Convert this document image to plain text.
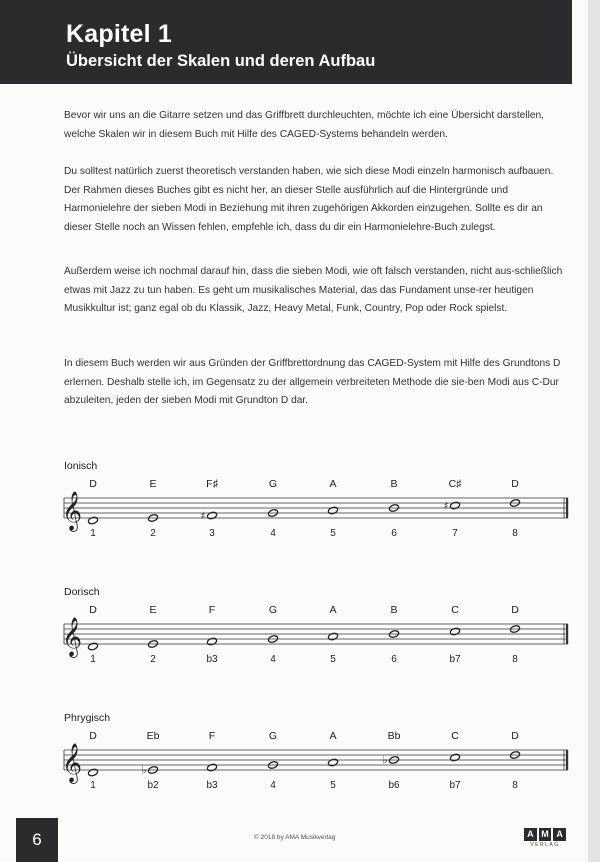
Kapitel 1
Übersicht der Skalen und deren Aufbau

Bevor wir uns an die Gitarre setzen und das Griffbrett durchleuchten, möchte ich eine Übersicht darstellen, welche Skalen wir in diesem Buch mit Hilfe des CAGED-Systems behandeln werden.

Du solltest natürlich zuerst theoretisch verstanden haben, wie sich diese Modi einzeln harmonisch aufbauen. Der Rahmen dieses Buches gibt es nicht her, an dieser Stelle ausführlich auf die Hintergründe und Harmonielehre der sieben Modi in Beziehung mit ihren zugehörigen Akkorden einzugehen. Sollte es dir an dieser Stelle noch an Wissen fehlen, empfehle ich, dass du dir ein Harmonielehre-Buch zulegst.

Außerdem weise ich nochmal darauf hin, dass die sieben Modi, wie oft falsch verstanden, nicht aus-schließlich etwas mit Jazz zu tun haben. Es geht um musikalisches Material, das das Fundament unse-rer heutigen Musikkultur ist; ganz egal ob du Klassik, Jazz, Heavy Metal, Funk, Country, Pop oder Rock spielst.

In diesem Buch werden wir aus Gründen der Griffbrettordnung das CAGED-System mit Hilfe des Grundtons D erlernen. Deshalb stelle ich, im Gegensatz zu der allgemein verbreiteten Methode die sie-ben Modi aus C-Dur abzuleiten, jeden der sieben Modi mit Grundton D dar.

Ionisch
𝄞
D
1
E
2
F♯
♯
3
G
4
A
5
B
6
C♯
♯
7
D
8
Dorisch
𝄞
D
1
E
2
F
b3
G
4
A
5
B
6
C
b7
D
8
Phrygisch
𝄞
D
1
Eb
♭
b2
F
b3
G
4
A
5
Bb
♭
b6
C
b7
D
8
6	© 2018 by AMA Musikverlag	A M A
VERLAG
